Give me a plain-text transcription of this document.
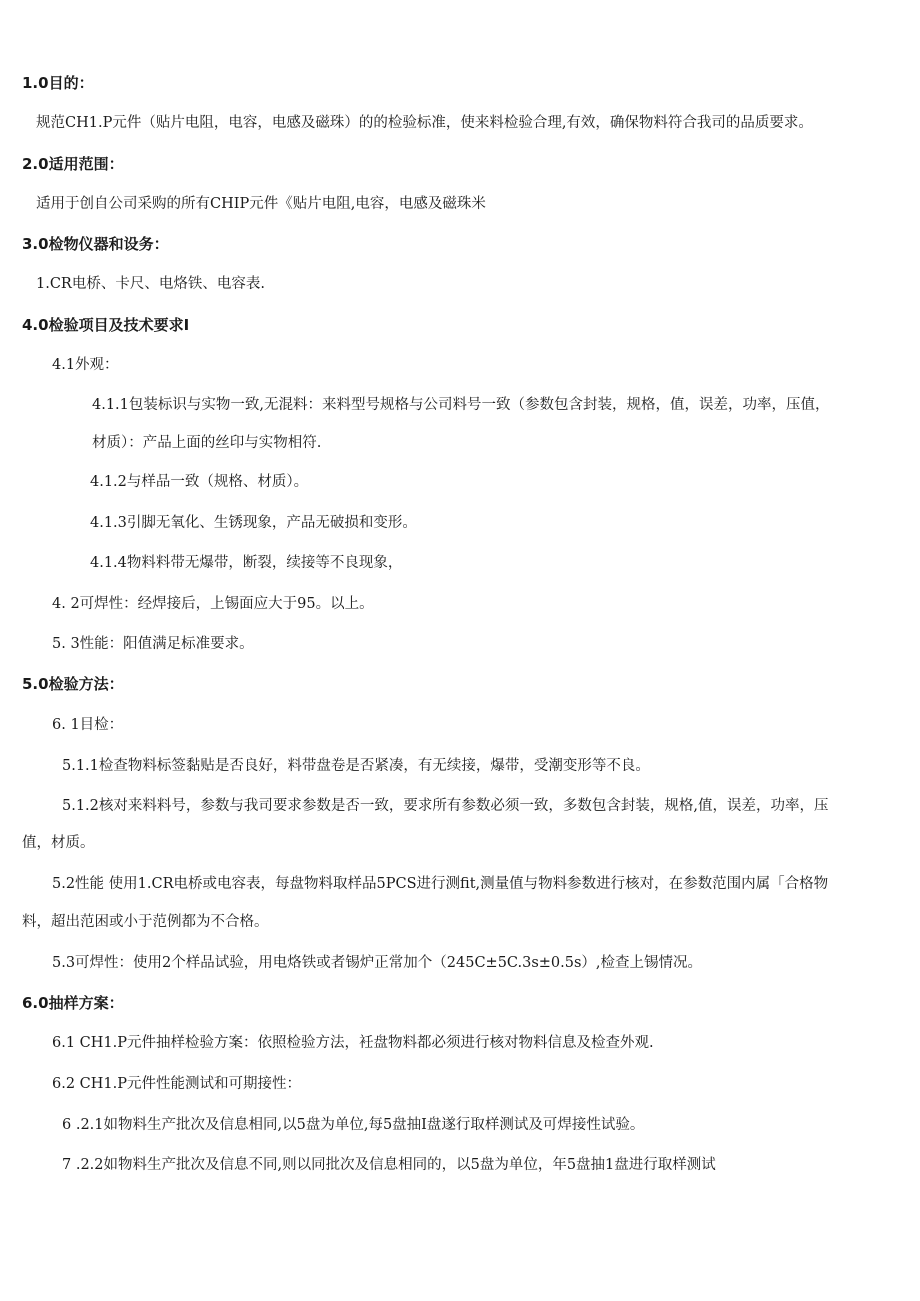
1.0目的：
规范CH1.P元件（贴片电阻，电容，电感及磁珠）的的检验标准，使来料检验合理,有效，确保物料符合我司的品质要求。
2.0适用范围：
适用于创自公司采购的所有CHIP元件《贴片电阻,电容，电感及磁珠米
3.0检物仪器和设务：
1.CR电桥、卡尺、电烙铁、电容表.
4.0检验项目及技术要求I
4.1外观：
4.1.1包装标识与实物一致,无混料：来料型号规格与公司料号一致（参数包含封装，规格，值，误差，功率，压值，
材质）：产品上面的丝印与实物相符.
4.1.2与样品一致（规格、材质）。
4.1.3引脚无氧化、生锈现象，产品无破损和变形。
4.1.4物料料带无爆带，断裂，续接等不良现象，
4. 2可焊性：经焊接后，上锡面应大于95。以上。
5. 3性能：阳值满足标准要求。
5.0检验方法：
6. 1目检：
5.1.1检查物料标签黏贴是否良好，料带盘卷是否紧凑，有无续接，爆带，受潮变形等不良。
5.1.2核对来料料号，参数与我司要求参数是否一致，要求所有参数必须一致，多数包含封装，规格,值，误差，功率，压
值，材质。
5.2性能 使用1.CR电桥或电容表，每盘物料取样品5PCS进行测fit,测量值与物料参数进行核对，在参数范围内属「合格物
料，超出范困或小于范例都为不合格。
5.3可焊性：使用2个样品试验，用电烙铁或者锡炉正常加个（245C±5C.3s±0.5s）,检查上锡情况。
6.0抽样方案：
6.1 CH1.P元件抽样检验方案：依照检验方法，衽盘物料都必须进行核对物料信息及检查外观.
6.2 CH1.P元件性能测试和可期接性：
6 .2.1如物料生产批次及信息相同,以5盘为单位,每5盘抽I盘遂行取样测试及可焊接性试验。
7 .2.2如物料生产批次及信息不同,则以同批次及信息相同的，以5盘为单位，年5盘抽1盘进行取样测试
